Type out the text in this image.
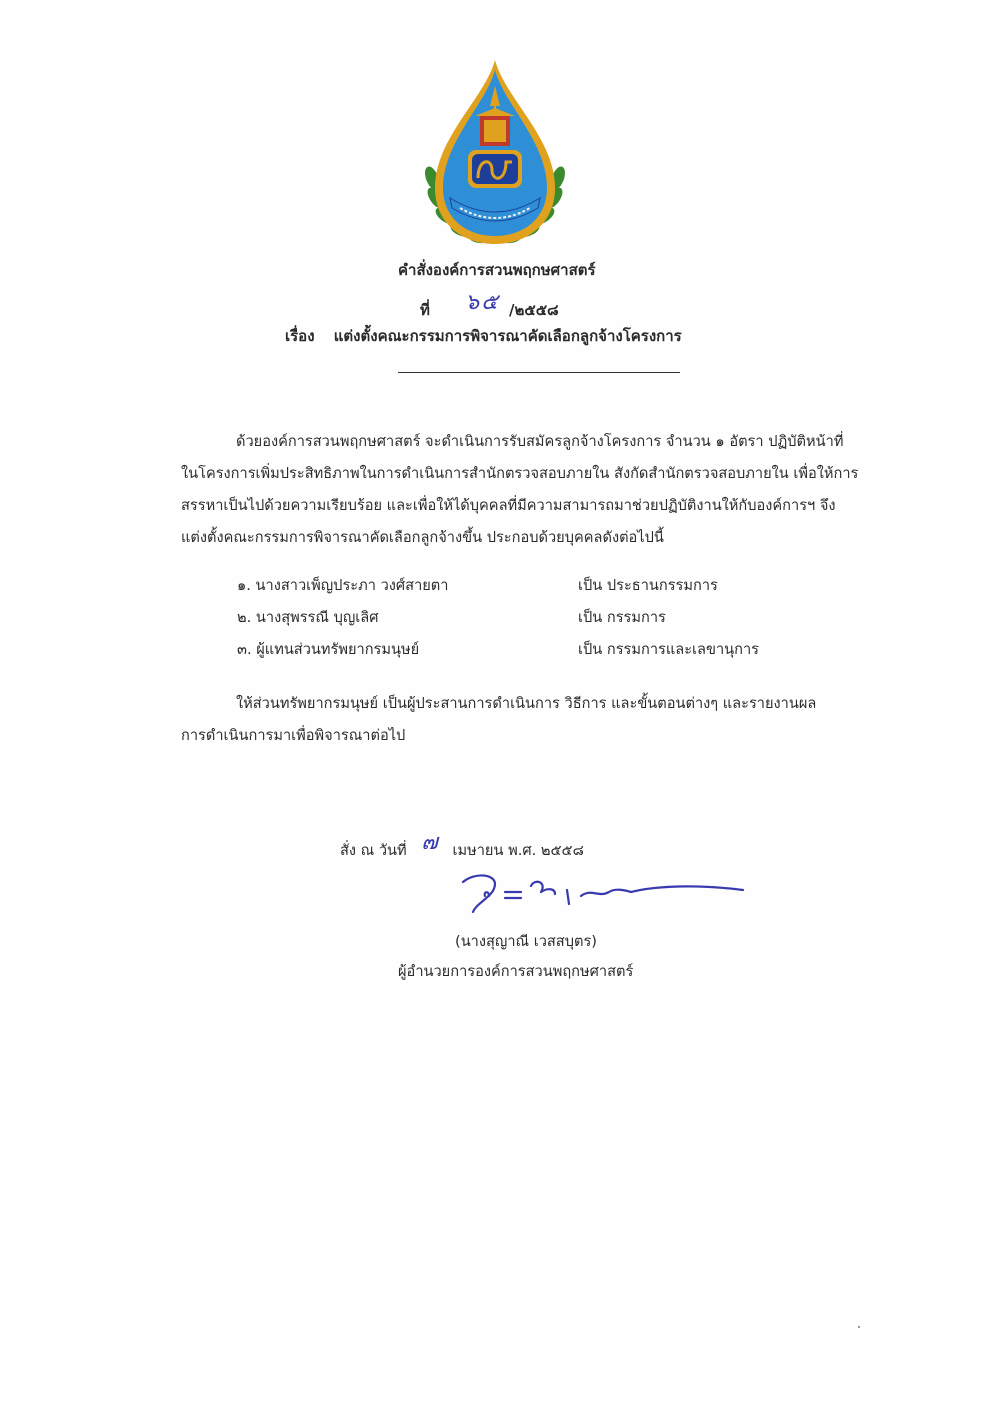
คำสั่งองค์การสวนพฤกษศาสตร์
ที่ ๖๕ /๒๕๕๘
เรื่อง แต่งตั้งคณะกรรมการพิจารณาคัดเลือกลูกจ้างโครงการ
ด้วยองค์การสวนพฤกษศาสตร์ จะดำเนินการรับสมัครลูกจ้างโครงการ จำนวน ๑ อัตรา ปฏิบัติหน้าที่
ในโครงการเพิ่มประสิทธิภาพในการดำเนินการสำนักตรวจสอบภายใน สังกัดสำนักตรวจสอบภายใน เพื่อให้การ
สรรหาเป็นไปด้วยความเรียบร้อย และเพื่อให้ได้บุคคลที่มีความสามารถมาช่วยปฏิบัติงานให้กับองค์การฯ จึง
แต่งตั้งคณะกรรมการพิจารณาคัดเลือกลูกจ้างขึ้น ประกอบด้วยบุคคลดังต่อไปนี้
๑. นางสาวเพ็ญประภา วงศ์สายตา	เป็น ประธานกรรมการ
๒. นางสุพรรณี บุญเลิศ	เป็น กรรมการ
๓. ผู้แทนส่วนทรัพยากรมนุษย์	เป็น กรรมการและเลขานุการ
ให้ส่วนทรัพยากรมนุษย์ เป็นผู้ประสานการดำเนินการ วิธีการ และขั้นตอนต่างๆ และรายงานผล
การดำเนินการมาเพื่อพิจารณาต่อไป
สั่ง ณ วันที่ ๗ เมษายน พ.ศ. ๒๕๕๘
(นางสุญาณี เวสสบุตร)
ผู้อำนวยการองค์การสวนพฤกษศาสตร์
